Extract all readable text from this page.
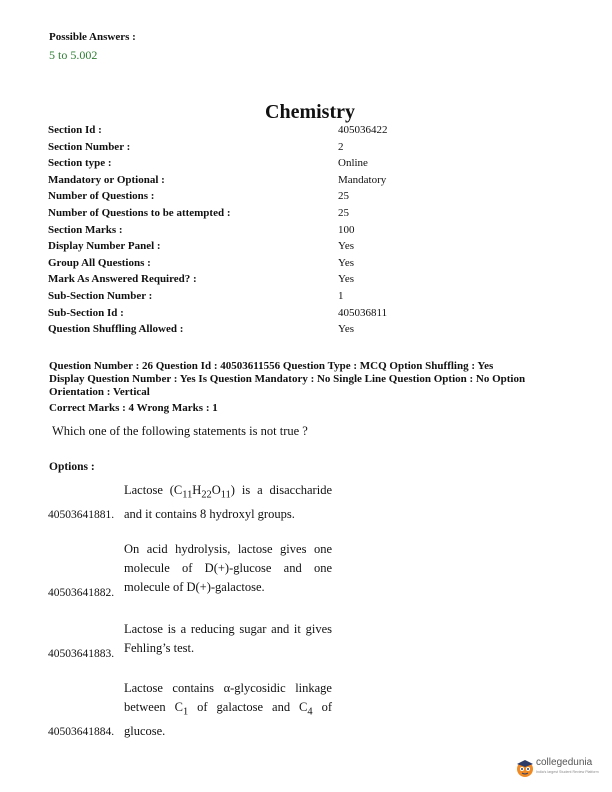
Possible Answers :
5 to 5.002
Chemistry
Section Id :	405036422
Section Number :	2
Section type :	Online
Mandatory or Optional :	Mandatory
Number of Questions :	25
Number of Questions to be attempted :	25
Section Marks :	100
Display Number Panel :	Yes
Group All Questions :	Yes
Mark As Answered Required? :	Yes
Sub-Section Number :	1
Sub-Section Id :	405036811
Question Shuffling Allowed :	Yes
Question Number : 26 Question Id : 40503611556 Question Type : MCQ Option Shuffling : Yes
Display Question Number : Yes Is Question Mandatory : No Single Line Question Option : No Option
Orientation : Vertical
Correct Marks : 4 Wrong Marks : 1
Which one of the following statements is not true ?
Options :
Lactose $(C_{11}H_{22}O_{11})$ is a disaccharide and it contains 8 hydroxyl groups.
40503641881.
On acid hydrolysis, lactose gives one molecule of D(+)-glucose and one molecule of D(+)-galactose.
40503641882.
Lactose is a reducing sugar and it gives Fehling’s test.
40503641883.
Lactose contains α-glycosidic linkage between $C_1$ of galactose and $C_4$ of glucose.
40503641884.
collegedunia
India's largest Student Review Platform
